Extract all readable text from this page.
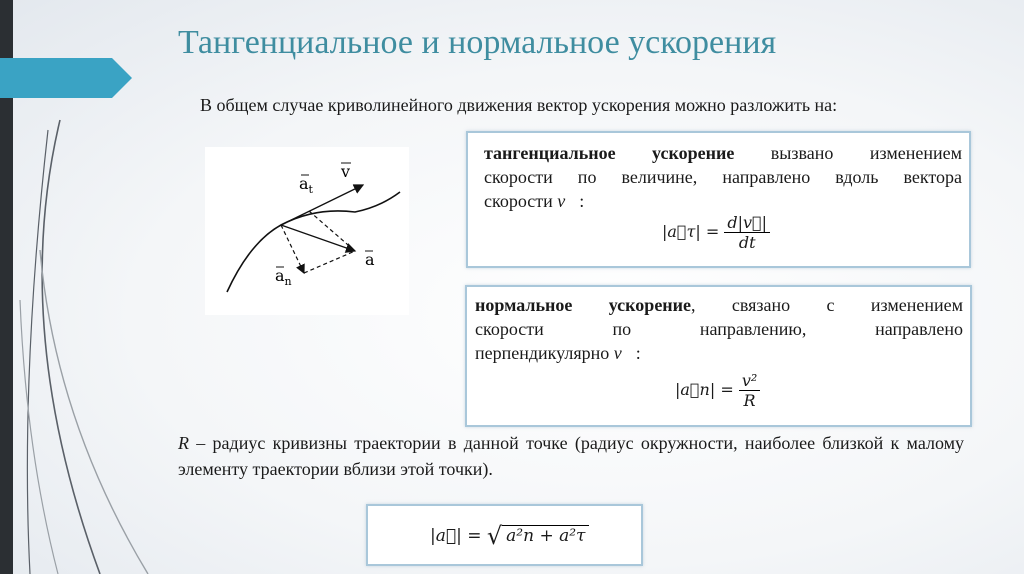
Тангенциальное и нормальное ускорения
В общем случае криволинейного движения вектор ускорения можно разложить на:
$a_t$
v
a
$a_n$
тангенциальное ускорение вызвано изменением
скорости по величине, направлено вдоль вектора
скорости v⃗:
|a⃗τ| = $\frac{d|v⃗|}{dt}$
нормальное ускорение, связано с изменением
скорости по направлению, направлено
перпендикулярно v⃗:
|a⃗n| = $\frac{\text{v²}}{R}$
R – радиус кривизны траектории в данной точке (радиус окружности, наиболее близкой к малому элементу траектории вблизи этой точки).
|a⃗| = √ a²n + a²τ
